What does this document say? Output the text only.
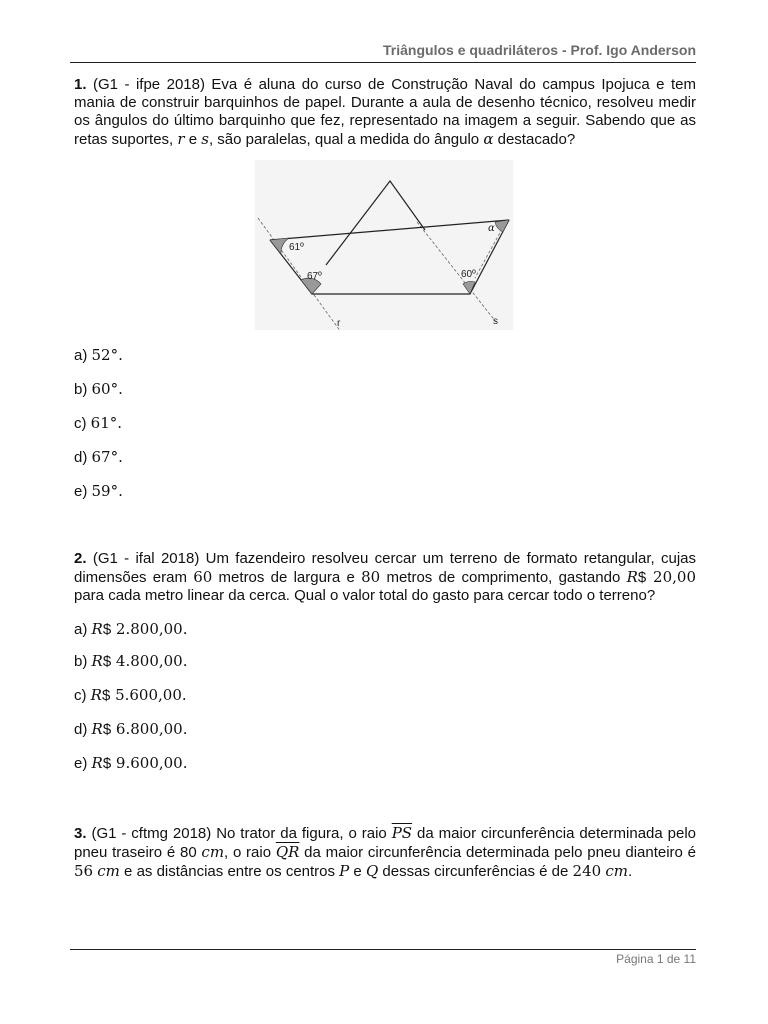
Triângulos e quadriláteros - Prof. Igo Anderson
1. (G1 - ifpe 2018) Eva é aluna do curso de Construção Naval do campus Ipojuca e tem mania de construir barquinhos de papel. Durante a aula de desenho técnico, resolveu medir os ângulos do último barquinho que fez, representado na imagem a seguir. Sabendo que as retas suportes, r e s, são paralelas, qual a medida do ângulo α destacado?
61º
67º	60º
α
r	s
a) 52°.
b) 60°.
c) 61°.
d) 67°.
e) 59°.
2. (G1 - ifal 2018) Um fazendeiro resolveu cercar um terreno de formato retangular, cujas dimensões eram 60 metros de largura e 80 metros de comprimento, gastando R$ 20,00 para cada metro linear da cerca. Qual o valor total do gasto para cercar todo o terreno?
a) R$ 2.800,00.
b) R$ 4.800,00.
c) R$ 5.600,00.
d) R$ 6.800,00.
e) R$ 9.600,00.
3. (G1 - cftmg 2018) No trator da figura, o raio $\overline{PS}$ da maior circunferência determinada pelo pneu traseiro é 80 cm, o raio $\overline{QR}$ da maior circunferência determinada pelo pneu dianteiro é 56 cm e as distâncias entre os centros P e Q dessas circunferências é de 240 cm.
Página 1 de 11
